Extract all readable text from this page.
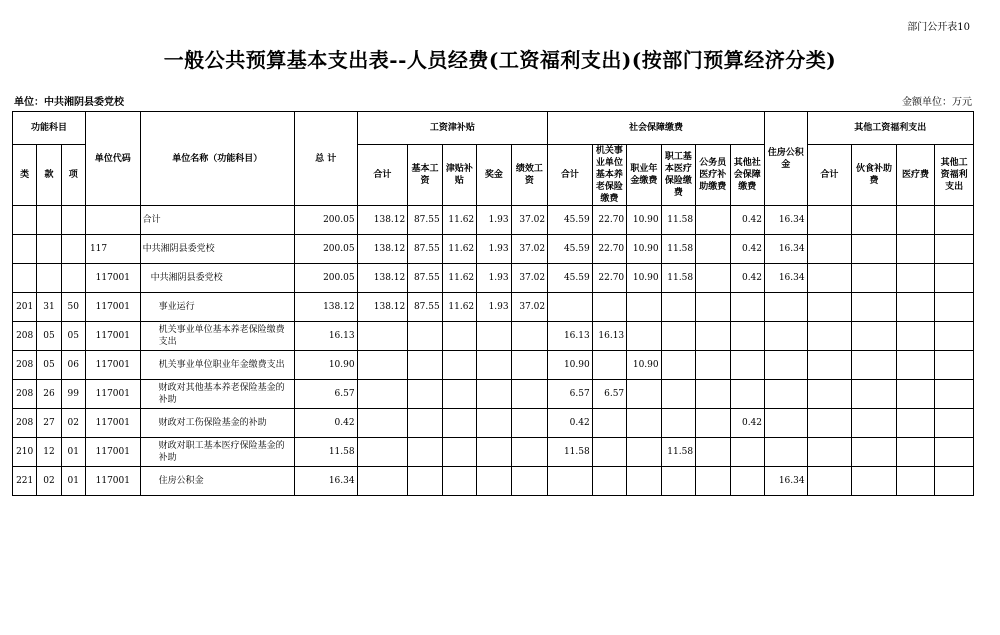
部门公开表10
一般公共预算基本支出表--人员经费(工资福利支出)(按部门预算经济分类)
单位：中共湘阴县委党校	金额单位：万元
功能科目			单位代码	单位名称（功能科目）	总 计	工资津补贴					社会保障缴费						住房公积金	其他工资福利支出			
类	款	项				合计	基本工资	津贴补贴	奖金	绩效工资	合计	机关事业单位基本养老保险缴费	职业年金缴费	职工基本医疗保险缴费	公务员医疗补助缴费	其他社会保障缴费		合计	伙食补助费	医疗费	其他工资福利支出
				合计	200.05	138.12	87.55	11.62	1.93	37.02	45.59	22.70	10.90	11.58		0.42	16.34				
			117	中共湘阴县委党校	200.05	138.12	87.55	11.62	1.93	37.02	45.59	22.70	10.90	11.58		0.42	16.34				
			117001	中共湘阴县委党校	200.05	138.12	87.55	11.62	1.93	37.02	45.59	22.70	10.90	11.58		0.42	16.34				
201	31	50	117001	事业运行	138.12	138.12	87.55	11.62	1.93	37.02											
208	05	05	117001	机关事业单位基本养老保险缴费支出	16.13						16.13	16.13									
208	05	06	117001	机关事业单位职业年金缴费支出	10.90						10.90		10.90								
208	26	99	117001	财政对其他基本养老保险基金的补助	6.57						6.57	6.57									
208	27	02	117001	财政对工伤保险基金的补助	0.42						0.42					0.42					
210	12	01	117001	财政对职工基本医疗保险基金的补助	11.58						11.58			11.58							
221	02	01	117001	住房公积金	16.34												16.34				
